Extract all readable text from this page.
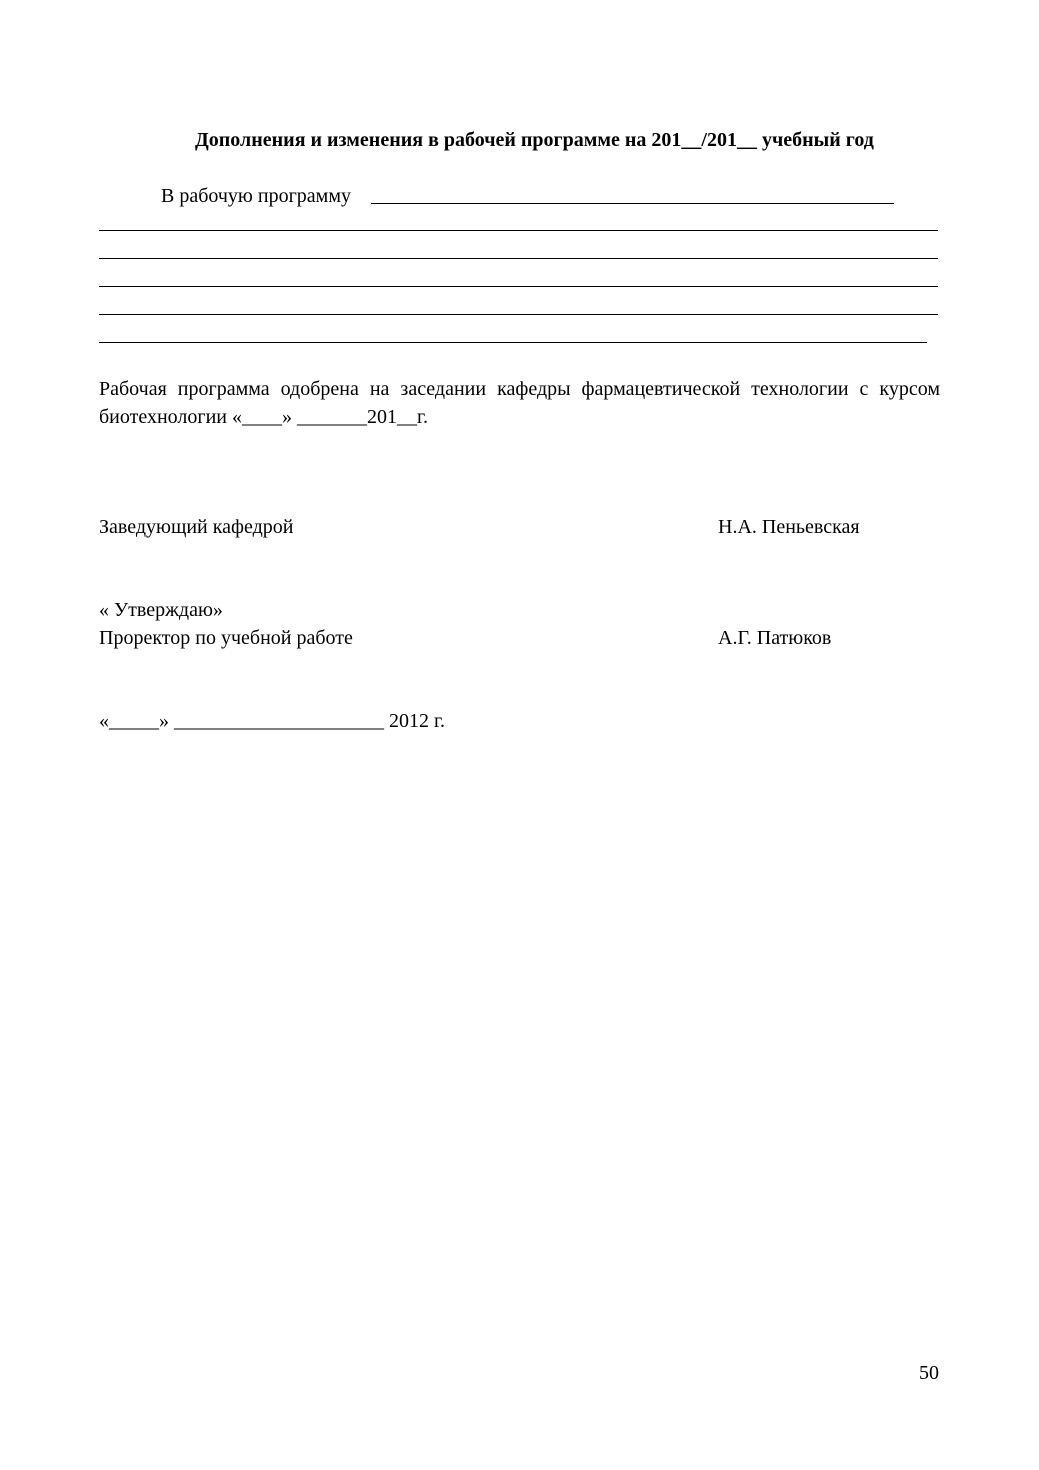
Дополнения и изменения в рабочей программе на 201__/201__ учебный год
В рабочую программу
Рабочая программа одобрена на заседании кафедры фармацевтической технологии с курсом
биотехнологии «____» _______201__г.
Заведующий кафедрой	Н.А. Пеньевская
« Утверждаю»
Проректор по учебной работе	А.Г. Патюков
«_____» _____________________ 2012 г.
50
